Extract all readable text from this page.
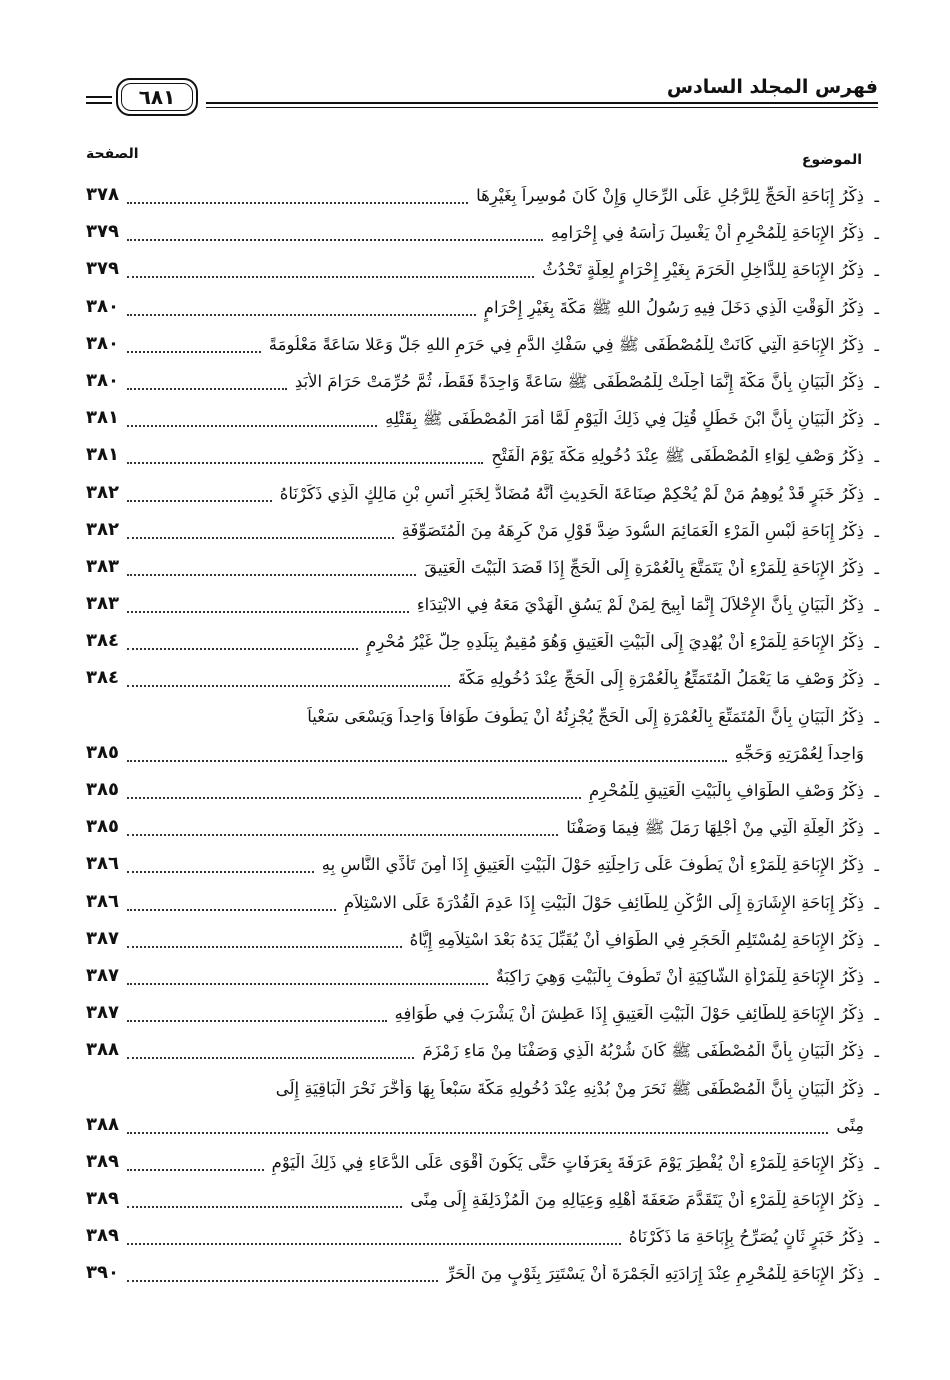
فهرس المجلد السادس
٦٨١
الموضوع
الصفحة
-
ذِكْرُ إِبَاحَةِ الْحَجِّ لِلرَّجُلِ عَلَى الرِّحَالِ وَإِنْ كَانَ مُوسِراً بِغَيْرِهَا
٣٧٨
-
ذِكْرُ الإِبَاحَةِ لِلْمُحْرِمِ أَنْ يَغْسِلَ رَأْسَهُ فِي إِحْرَامِهِ
٣٧٩
-
ذِكْرُ الإِبَاحَةِ لِلدَّاخِلِ الْحَرَمَ بِغَيْرِ إِحْرَامٍ لِعِلَّةٍ تَحْدُثُ
٣٧٩
-
ذِكْرُ الْوَقْتِ الَّذِي دَخَلَ فِيهِ رَسُولُ اللهِ ﷺ مَكَّةَ بِغَيْرِ إِحْرَامٍ
٣٨٠
-
ذِكْرُ الإِبَاحَةِ الَّتِي كَانَتْ لِلْمُصْطَفَى ﷺ فِي سَفْكِ الدَّمِ فِي حَرَمِ اللهِ جَلَّ وَعَلا سَاعَةً مَعْلُومَةً
٣٨٠
-
ذِكْرُ الْبَيَانِ بِأَنَّ مَكَّةَ إِنَّمَا أُحِلَّتْ لِلْمُصْطَفَى ﷺ سَاعَةً وَاحِدَةً فَقَطْ، ثُمَّ حُرِّمَتْ حَرَامَ الأَبَدِ
٣٨٠
-
ذِكْرُ الْبَيَانِ بِأَنَّ ابْنَ خَطَلٍ قُتِلَ فِي ذَلِكَ الْيَوْمِ لَمَّا أَمَرَ الْمُصْطَفَى ﷺ بِقَتْلِهِ
٣٨١
-
ذِكْرُ وَصْفِ لِوَاءِ الْمُصْطَفَى ﷺ عِنْدَ دُخُولِهِ مَكَّةَ يَوْمَ الْفَتْحِ
٣٨١
-
ذِكْرُ خَبَرٍ قَدْ يُوهِمُ مَنْ لَمْ يُحْكِمْ صِنَاعَةَ الْحَدِيثِ أَنَّهُ مُضَادٌّ لِخَبَرِ أَنَسِ بْنِ مَالِكٍ الَّذِي ذَكَرْنَاهُ
٣٨٢
-
ذِكْرُ إِبَاحَةِ لُبْسِ الْمَرْءِ الْعَمَائِمَ السُّودَ ضِدَّ قَوْلِ مَنْ كَرِهَهُ مِنَ الْمُتَصَوِّفَةِ
٣٨٢
-
ذِكْرُ الإِبَاحَةِ لِلْمَرْءِ أَنْ يَتَمَتَّعَ بِالْعُمْرَةِ إِلَى الْحَجِّ إِذَا قَصَدَ الْبَيْتَ الْعَتِيقَ
٣٨٣
-
ذِكْرُ الْبَيَانِ بِأَنَّ الإِحْلاَلَ إِنَّمَا أُبِيحَ لِمَنْ لَمْ يَسُقِ الْهَدْيَ مَعَهُ فِي الابْتِدَاءِ
٣٨٣
-
ذِكْرُ الإِبَاحَةِ لِلْمَرْءِ أَنْ يُهْدِيَ إِلَى الْبَيْتِ الْعَتِيقِ وَهُوَ مُقِيمٌ بِبَلَدِهِ حِلٌّ غَيْرُ مُحْرِمٍ
٣٨٤
-
ذِكْرُ وَصْفِ مَا يَعْمَلُ الْمُتَمَتِّعُ بِالْعُمْرَةِ إِلَى الْحَجِّ عِنْدَ دُخُولِهِ مَكَّةَ
٣٨٤
-
ذِكْرُ الْبَيَانِ بِأَنَّ الْمُتَمَتِّعَ بِالْعُمْرَةِ إِلَى الْحَجِّ يُجْزِئُهُ أَنْ يَطُوفَ طَوَافاً وَاحِداً وَيَسْعَى سَعْياً
وَاحِداً لِعُمْرَتِهِ وَحَجِّهِ
٣٨٥
-
ذِكْرُ وَصْفِ الطَّوَافِ بِالْبَيْتِ الْعَتِيقِ لِلْمُحْرِمِ
٣٨٥
-
ذِكْرُ الْعِلَّةِ الَّتِي مِنْ أَجْلِهَا رَمَلَ ﷺ فِيمَا وَصَفْنَا
٣٨٥
-
ذِكْرُ الإِبَاحَةِ لِلْمَرْءِ أَنْ يَطُوفَ عَلَى رَاحِلَتِهِ حَوْلَ الْبَيْتِ الْعَتِيقِ إِذَا أَمِنَ تَأَذِّي النَّاسِ بِهِ
٣٨٦
-
ذِكْرُ إِبَاحَةِ الإِشَارَةِ إِلَى الرُّكْنِ لِلطَّائِفِ حَوْلَ الْبَيْتِ إِذَا عَدِمَ الْقُدْرَةَ عَلَى الاسْتِلاَمِ
٣٨٦
-
ذِكْرُ الإِبَاحَةِ لِمُسْتَلِمِ الْحَجَرِ فِي الطَّوَافِ أَنْ يُقَبِّلَ يَدَهُ بَعْدَ اسْتِلاَمِهِ إِيَّاهُ
٣٨٧
-
ذِكْرُ الإِبَاحَةِ لِلْمَرْأَةِ الشَّاكِيَةِ أَنْ تَطُوفَ بِالْبَيْتِ وَهِيَ رَاكِبَةٌ
٣٨٧
-
ذِكْرُ الإِبَاحَةِ لِلطَّائِفِ حَوْلَ الْبَيْتِ الْعَتِيقِ إِذَا عَطِشَ أَنْ يَشْرَبَ فِي طَوَافِهِ
٣٨٧
-
ذِكْرُ الْبَيَانِ بِأَنَّ الْمُصْطَفَى ﷺ كَانَ شُرْبُهُ الَّذِي وَصَفْنَا مِنْ مَاءِ زَمْزَمَ
٣٨٨
-
ذِكْرُ الْبَيَانِ بِأَنَّ الْمُصْطَفَى ﷺ نَحَرَ مِنْ بُدْنِهِ عِنْدَ دُخُولِهِ مَكَّةَ سَبْعاً بِهَا وَأَخَّرَ نَحْرَ الْبَاقِيَةِ إِلَى
مِنًى
٣٨٨
-
ذِكْرُ الإِبَاحَةِ لِلْمَرْءِ أَنْ يُفْطِرَ يَوْمَ عَرَفَةَ بِعَرَفَاتٍ حَتَّى يَكُونَ أَقْوَى عَلَى الدُّعَاءِ فِي ذَلِكَ الْيَوْمِ
٣٨٩
-
ذِكْرُ الإِبَاحَةِ لِلْمَرْءِ أَنْ يَتَقَدَّمَ ضَعَفَةَ أَهْلِهِ وَعِيَالِهِ مِنَ الْمُزْدَلِفَةِ إِلَى مِنًى
٣٨٩
-
ذِكْرُ خَبَرٍ ثَانٍ يُصَرِّحُ بِإِبَاحَةِ مَا ذَكَرْنَاهُ
٣٨٩
-
ذِكْرُ الإِبَاحَةِ لِلْمُحْرِمِ عِنْدَ إِرَادَتِهِ الْجَمْرَةَ أَنْ يَسْتَتِرَ بِثَوْبٍ مِنَ الْحَرِّ
٣٩٠
